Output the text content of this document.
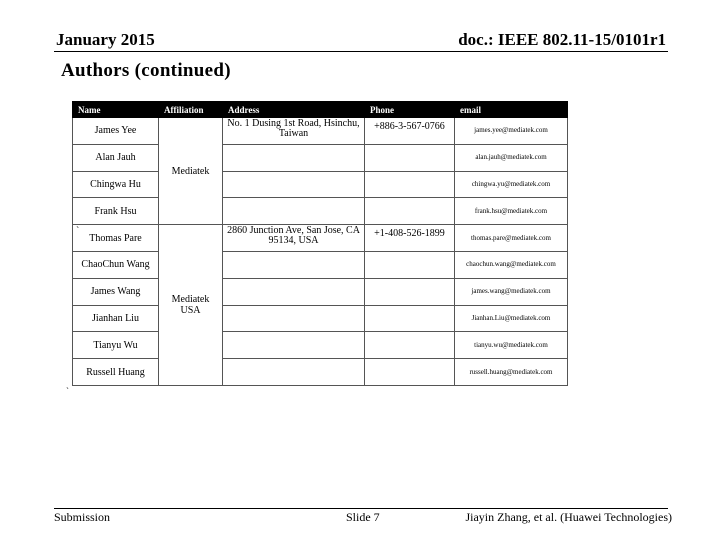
January 2015	doc.: IEEE 802.11-15/0101r1
Authors (continued)
Name	Affiliation	Address	Phone	email
James Yee	Mediatek	No. 1 Dusing 1st Road, Hsinchu, Taiwan	+886-3-567-0766	james.yee@mediatek.com
Alan Jauh				alan.jauh@mediatek.com
Chingwa Hu				chingwa.yu@mediatek.com
Frank Hsu				frank.hsu@mediatek.com
Thomas Pare	Mediatek USA	2860 Junction Ave, San Jose, CA 95134, USA	+1-408-526-1899	thomas.pare@mediatek.com
ChaoChun Wang				chaochun.wang@mediatek.com
James Wang				james.wang@mediatek.com
Jianhan Liu				Jianhan.Liu@mediatek.com
Tianyu Wu				tianyu.wu@mediatek.com
Russell Huang				russell.huang@mediatek.com
`
`
Submission	Slide 7	Jiayin Zhang, et al. (Huawei Technologies)
